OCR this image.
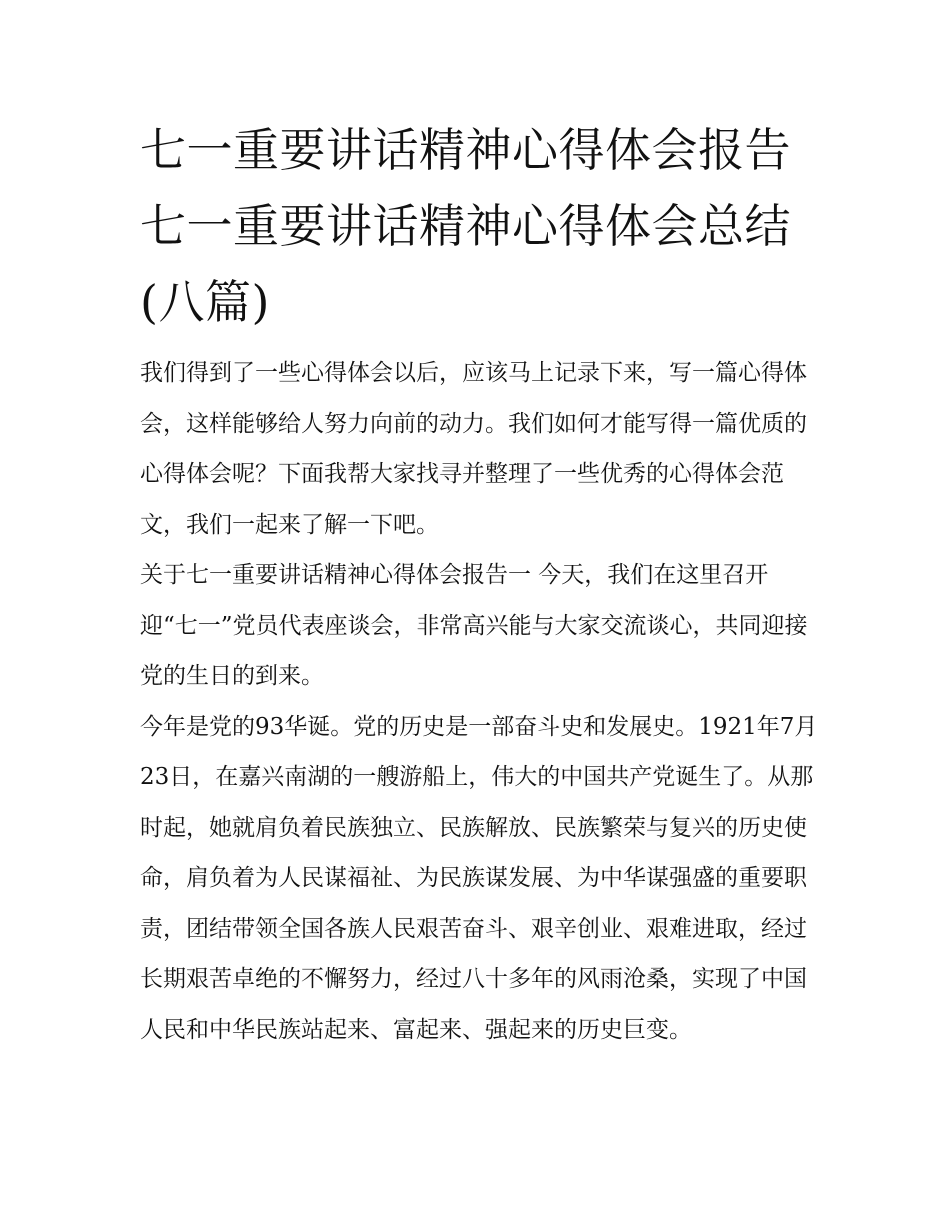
七一重要讲话精神心得体会报告 七一重要讲话精神心得体会总结(八篇)

我们得到了一些心得体会以后，应该马上记录下来，写一篇心得体会，这样能够给人努力向前的动力。我们如何才能写得一篇优质的心得体会呢？下面我帮大家找寻并整理了一些优秀的心得体会范文，我们一起来了解一下吧。

关于七一重要讲话精神心得体会报告一 今天，我们在这里召开迎“七一”党员代表座谈会，非常高兴能与大家交流谈心，共同迎接党的生日的到来。

今年是党的93华诞。党的历史是一部奋斗史和发展史。1921年7月23日，在嘉兴南湖的一艘游船上，伟大的中国共产党诞生了。从那时起，她就肩负着民族独立、民族解放、民族繁荣与复兴的历史使命，肩负着为人民谋福祉、为民族谋发展、为中华谋强盛的重要职责，团结带领全国各族人民艰苦奋斗、艰辛创业、艰难进取，经过长期艰苦卓绝的不懈努力，经过八十多年的风雨沧桑，实现了中国人民和中华民族站起来、富起来、强起来的历史巨变。
